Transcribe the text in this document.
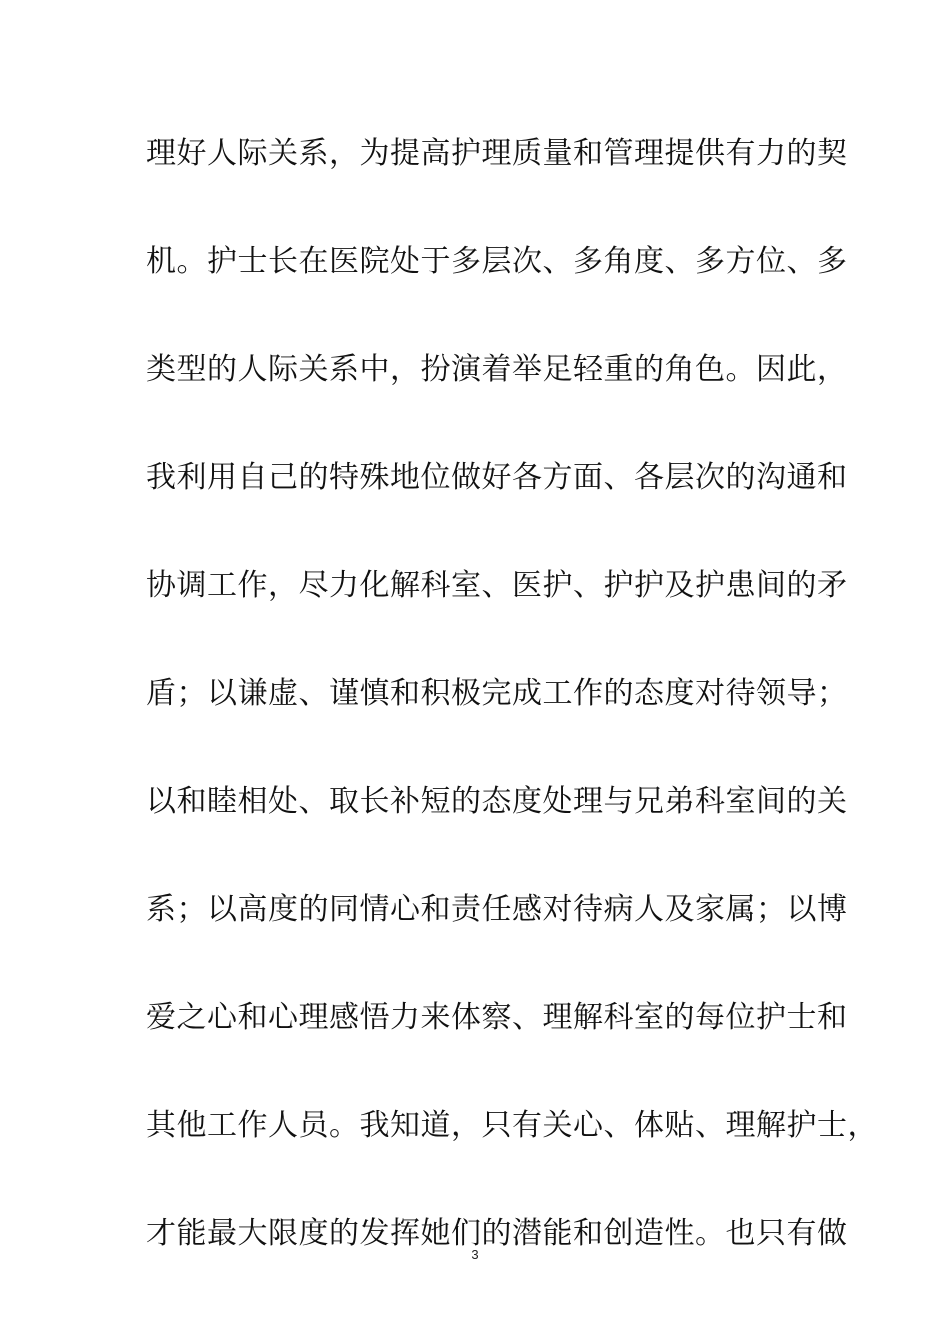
理好人际关系，为提高护理质量和管理提供有力的契
机。护士长在医院处于多层次、多角度、多方位、多
类型的人际关系中，扮演着举足轻重的角色。因此，
我利用自己的特殊地位做好各方面、各层次的沟通和
协调工作，尽力化解科室、医护、护护及护患间的矛
盾；以谦虚、谨慎和积极完成工作的态度对待领导；
以和睦相处、取长补短的态度处理与兄弟科室间的关
系；以高度的同情心和责任感对待病人及家属；以博
爱之心和心理感悟力来体察、理解科室的每位护士和
其他工作人员。我知道，只有关心、体贴、理解护士，
才能最大限度的发挥她们的潜能和创造性。也只有做
3
